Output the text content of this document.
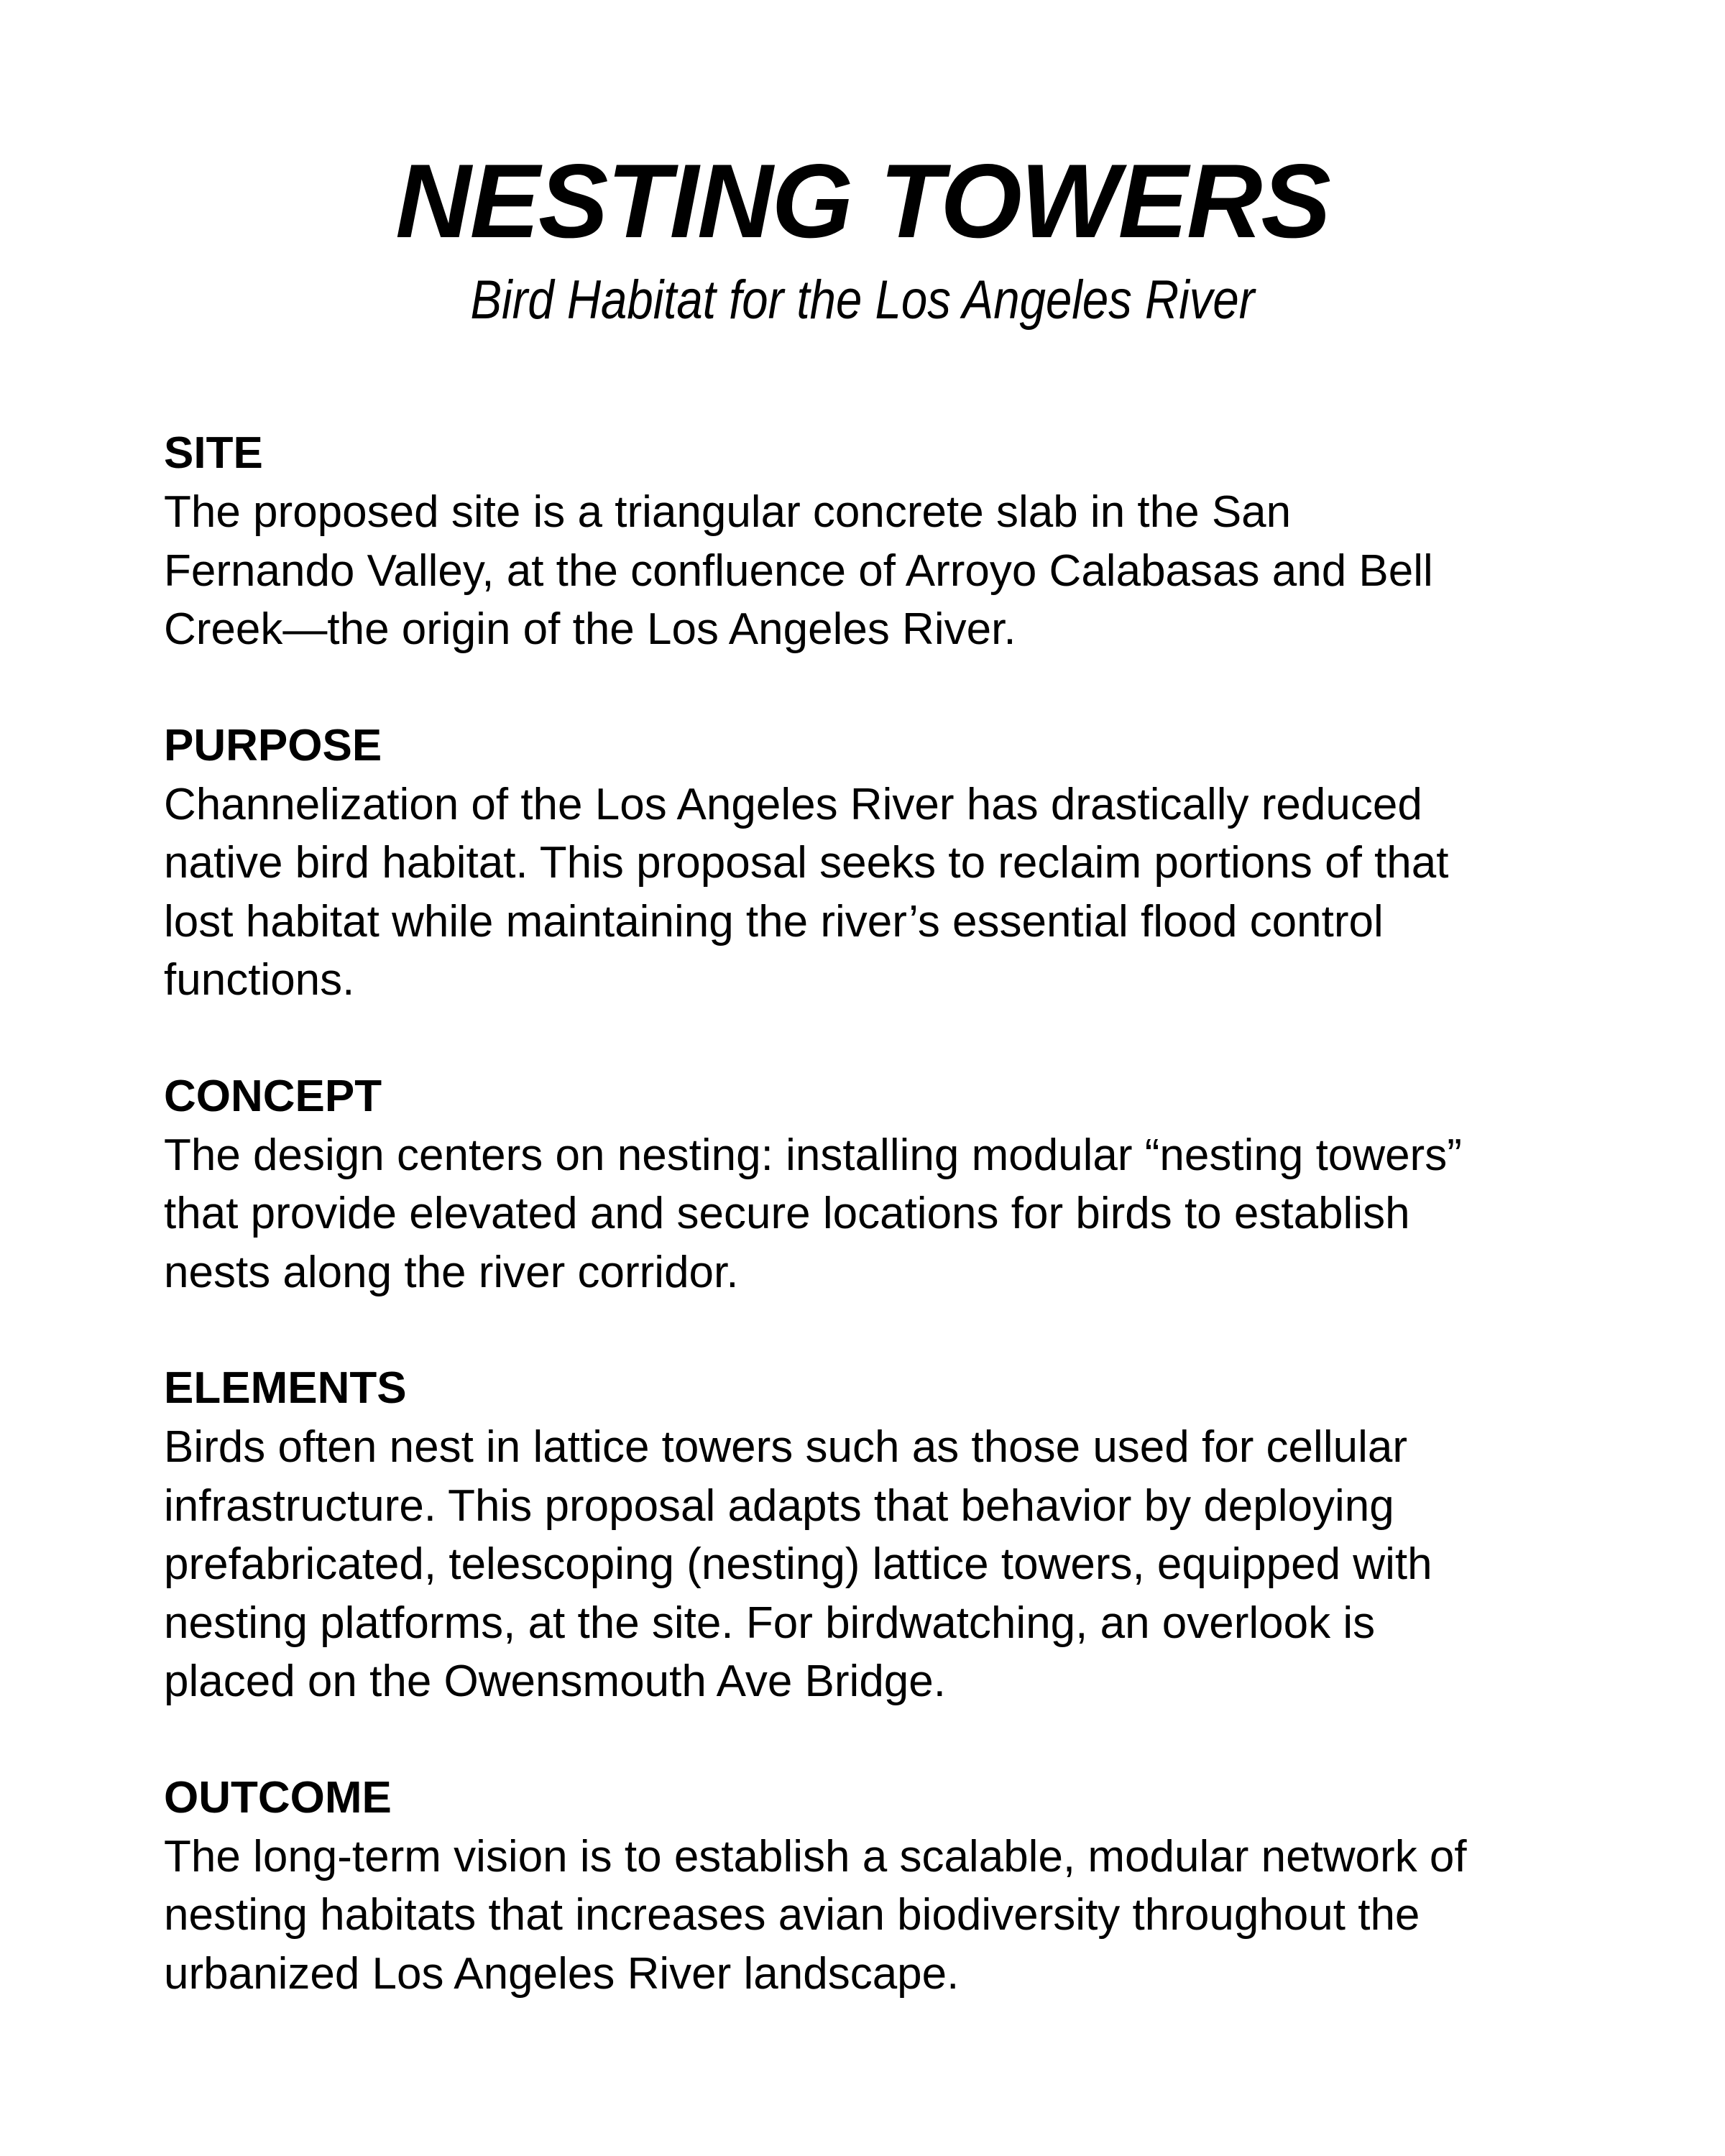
NESTING TOWERS

Bird Habitat for the Los Angeles River

SITE

The proposed site is a triangular concrete slab in the San
Fernando Valley, at the confluence of Arroyo Calabasas and Bell
Creek—the origin of the Los Angeles River.

PURPOSE

Channelization of the Los Angeles River has drastically reduced
native bird habitat. This proposal seeks to reclaim portions of that
lost habitat while maintaining the river’s essential flood control
functions.

CONCEPT

The design centers on nesting: installing modular “nesting towers”
that provide elevated and secure locations for birds to establish
nests along the river corridor.

ELEMENTS

Birds often nest in lattice towers such as those used for cellular
infrastructure. This proposal adapts that behavior by deploying
prefabricated, telescoping (nesting) lattice towers, equipped with
nesting platforms, at the site. For birdwatching, an overlook is
placed on the Owensmouth Ave Bridge.

OUTCOME

The long-term vision is to establish a scalable, modular network of
nesting habitats that increases avian biodiversity throughout the
urbanized Los Angeles River landscape.
